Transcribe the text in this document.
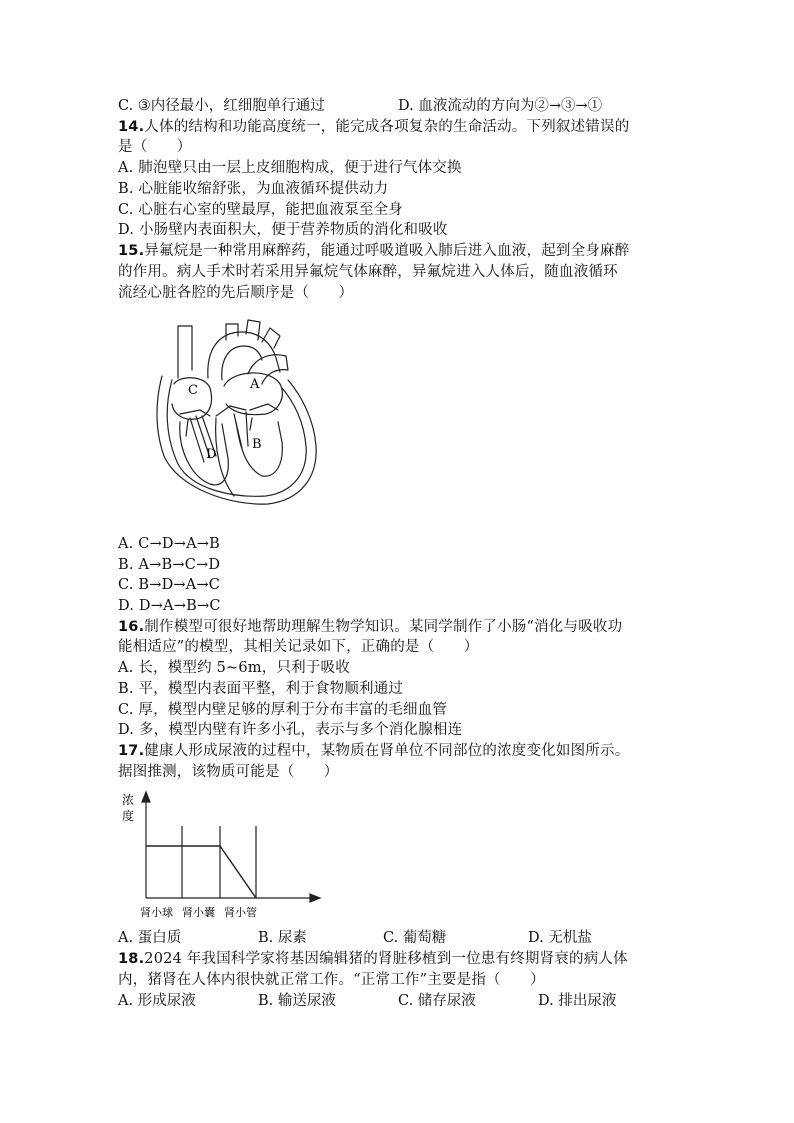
C. ③内径最小，红细胞单行通过	D. 血液流动的方向为②→③→①
14.人体的结构和功能高度统一，能完成各项复杂的生命活动。下列叙述错误的
是（　　）
A. 肺泡壁只由一层上皮细胞构成，便于进行气体交换
B. 心脏能收缩舒张，为血液循环提供动力
C. 心脏右心室的壁最厚，能把血液泵至全身
D. 小肠壁内表面积大，便于营养物质的消化和吸收
15.异氟烷是一种常用麻醉药，能通过呼吸道吸入肺后进入血液，起到全身麻醉
的作用。病人手术时若采用异氟烷气体麻醉，异氟烷进入人体后，随血液循环
流经心脏各腔的先后顺序是（　　）
C	A
D
B
A. C→D→A→B
B. A→B→C→D
C. B→D→A→C
D. D→A→B→C
16.制作模型可很好地帮助理解生物学知识。某同学制作了小肠“消化与吸收功
能相适应”的模型，其相关记录如下，正确的是（　　）
A. 长，模型约 5~6m，只利于吸收
B. 平，模型内表面平整，利于食物顺利通过
C. 厚，模型内壁足够的厚利于分布丰富的毛细血管
D. 多，模型内壁有许多小孔，表示与多个消化腺相连
17.健康人形成尿液的过程中，某物质在肾单位不同部位的浓度变化如图所示。
据图推测，该物质可能是（　　）
浓
度
肾小球 肾小囊 肾小管
A. 蛋白质	B. 尿素	C. 葡萄糖	D. 无机盐
18.2024 年我国科学家将基因编辑猪的肾脏移植到一位患有终期肾衰的病人体
内，猪肾在人体内很快就正常工作。“正常工作”主要是指（　　）
A. 形成尿液	B. 输送尿液	C. 储存尿液	D. 排出尿液
